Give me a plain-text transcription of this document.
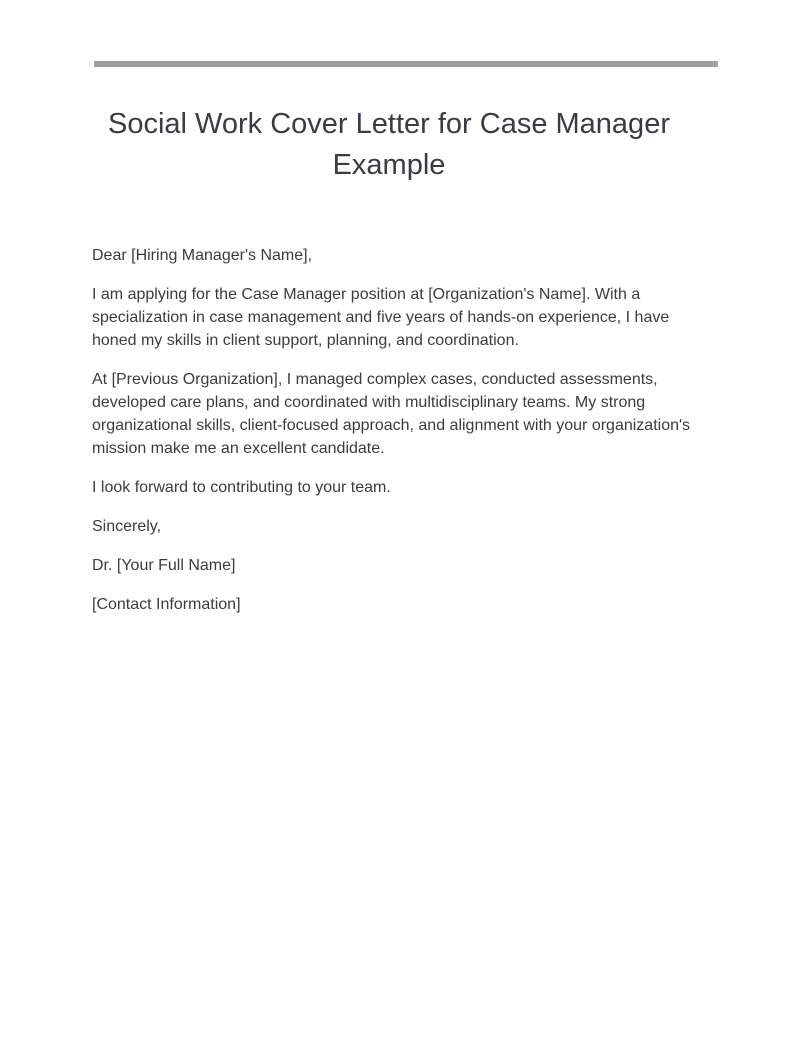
Social Work Cover Letter for Case Manager Example

Dear [Hiring Manager's Name],

I am applying for the Case Manager position at [Organization's Name]. With a specialization in case management and five years of hands-on experience, I have honed my skills in client support, planning, and coordination.

At [Previous Organization], I managed complex cases, conducted assessments, developed care plans, and coordinated with multidisciplinary teams. My strong organizational skills, client-focused approach, and alignment with your organization's mission make me an excellent candidate.

I look forward to contributing to your team.

Sincerely,

Dr. [Your Full Name]

[Contact Information]
